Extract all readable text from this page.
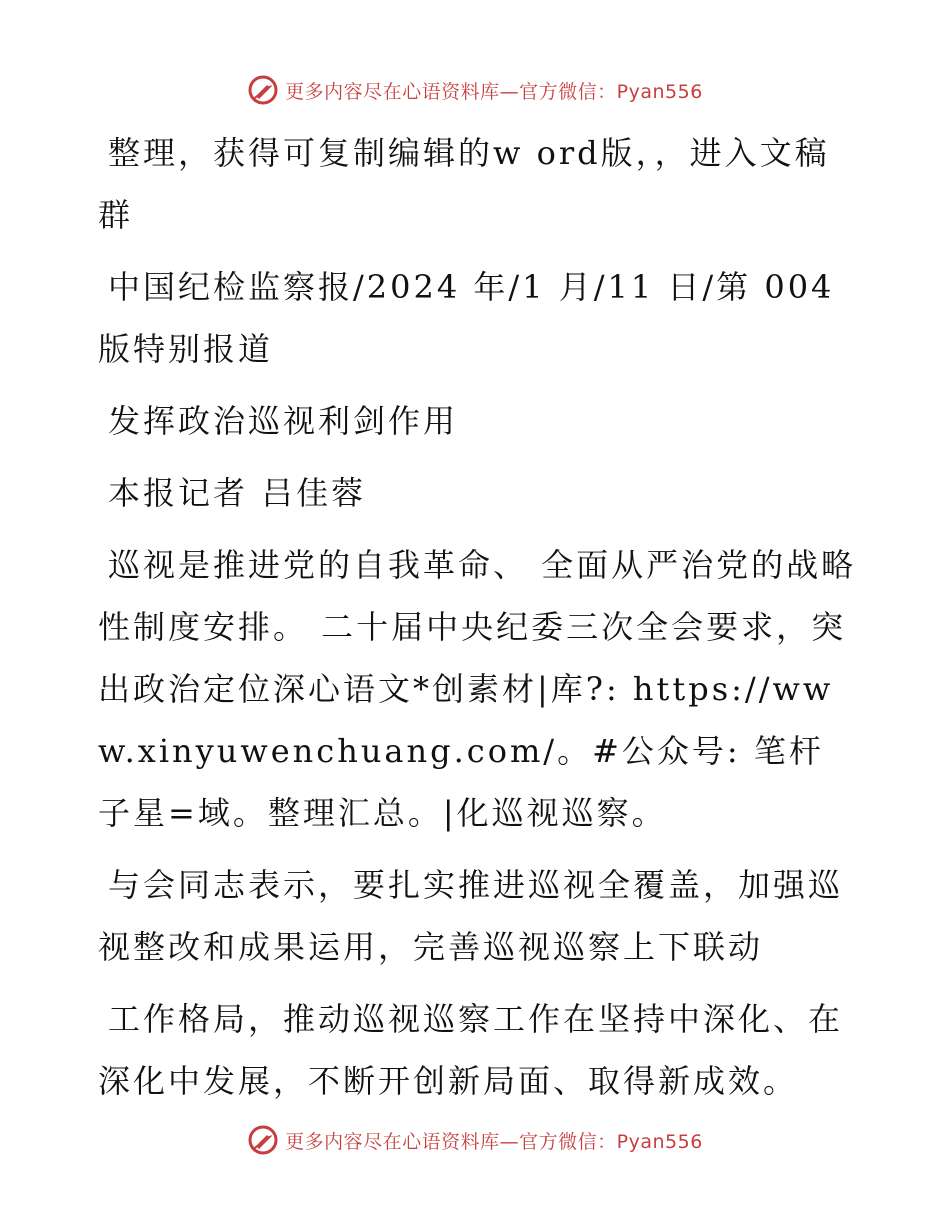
更多内容尽在心语资料库—官方微信：Pyan556

整理，获得可复制编辑的w ord版，，进入文稿群

中国纪检监察报/2024 年/1 月/11 日/第 004 版特别报道

发挥政治巡视利剑作用

本报记者 吕佳蓉

巡视是推进党的自我革命、 全面从严治党的战略性制度安排。 二十届中央纪委三次全会要求，突出政治定位深心语文*创素材|库?: https://www.xinyuwenchuang.com/。#公众号: 笔杆子星=域。整理汇总。|化巡视巡察。

与会同志表示，要扎实推进巡视全覆盖，加强巡视整改和成果运用，完善巡视巡察上下联动

工作格局，推动巡视巡察工作在坚持中深化、在深化中发展，不断开创新局面、取得新成效。

更多内容尽在心语资料库—官方微信：Pyan556
